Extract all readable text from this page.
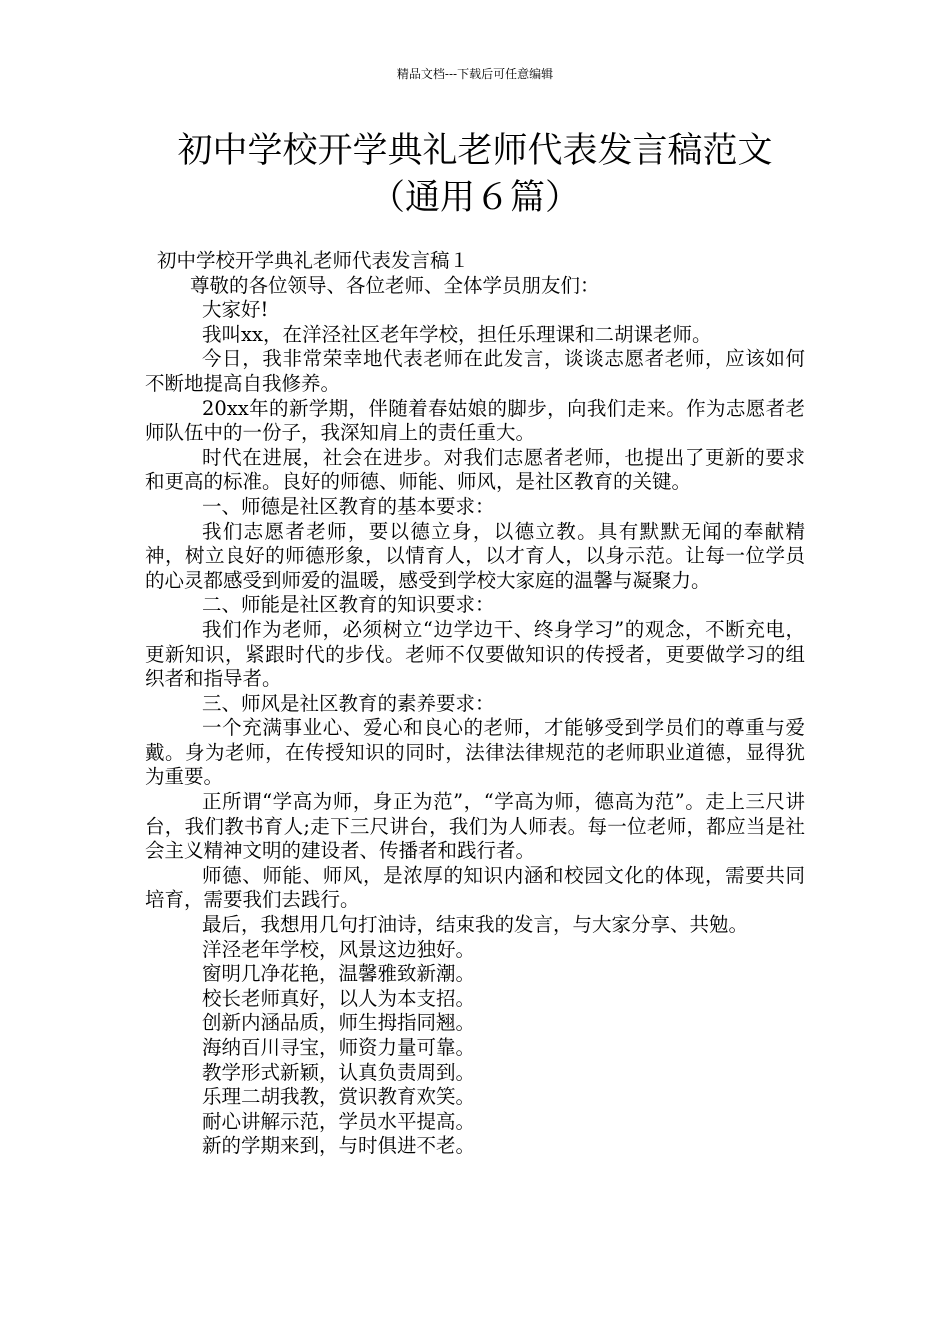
精品文档---下载后可任意编辑
初中学校开学典礼老师代表发言稿范文
（通用６篇）

初中学校开学典礼老师代表发言稿１

尊敬的各位领导、各位老师、全体学员朋友们：

大家好!

我叫xx，在洋泾社区老年学校，担任乐理课和二胡课老师。

今日，我非常荣幸地代表老师在此发言，谈谈志愿者老师，应该如何不断地提高自我修养。

20xx年的新学期，伴随着春姑娘的脚步，向我们走来。作为志愿者老师队伍中的一份子，我深知肩上的责任重大。

时代在进展，社会在进步。对我们志愿者老师，也提出了更新的要求和更高的标准。良好的师德、师能、师风，是社区教育的关键。

一、师德是社区教育的基本要求：

我们志愿者老师，要以德立身，以德立教。具有默默无闻的奉献精神，树立良好的师德形象，以情育人，以才育人，以身示范。让每一位学员的心灵都感受到师爱的温暖，感受到学校大家庭的温馨与凝聚力。

二、师能是社区教育的知识要求：

我们作为老师，必须树立“边学边干、终身学习”的观念，不断充电，更新知识，紧跟时代的步伐。老师不仅要做知识的传授者，更要做学习的组织者和指导者。

三、师风是社区教育的素养要求：

一个充满事业心、爱心和良心的老师，才能够受到学员们的尊重与爱戴。身为老师，在传授知识的同时，法律法律规范的老师职业道德，显得犹为重要。

正所谓“学高为师，身正为范”，“学高为师，德高为范”。走上三尺讲台，我们教书育人;走下三尺讲台，我们为人师表。每一位老师，都应当是社会主义精神文明的建设者、传播者和践行者。

师德、师能、师风，是浓厚的知识内涵和校园文化的体现，需要共同培育，需要我们去践行。

最后，我想用几句打油诗，结束我的发言，与大家分享、共勉。

洋泾老年学校，风景这边独好。

窗明几净花艳，温馨雅致新潮。

校长老师真好，以人为本支招。

创新内涵品质，师生拇指同翘。

海纳百川寻宝，师资力量可靠。

教学形式新颖，认真负责周到。

乐理二胡我教，赏识教育欢笑。

耐心讲解示范，学员水平提高。

新的学期来到，与时俱进不老。
